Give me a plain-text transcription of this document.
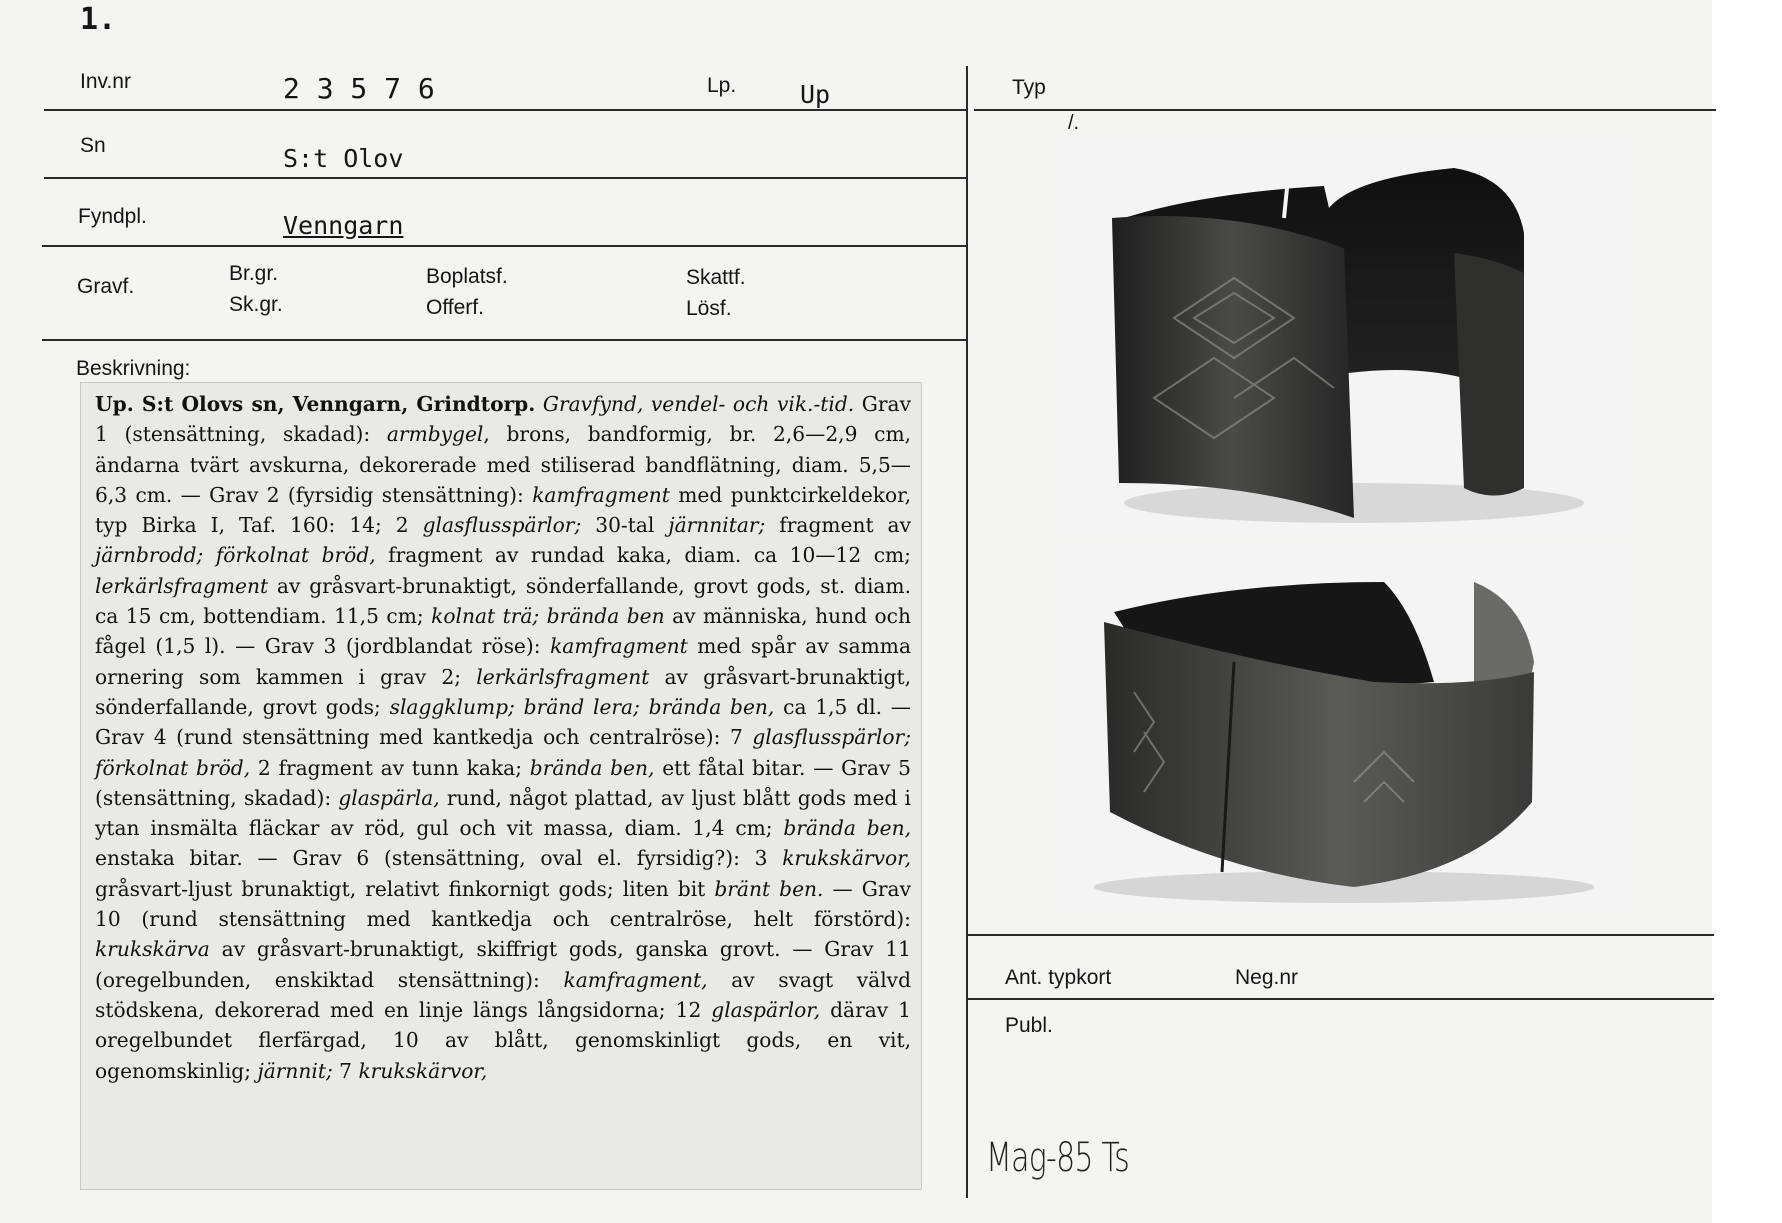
1.
Inv.nr	2 3 5 7 6	Lp.	Up	Typ
/.
Sn	S:t Olov
Fyndpl.	Venngarn
Gravf.
Br.gr.
Sk.gr.
Boplatsf.
Offerf.
Skattf.
Lösf.
Beskrivning:
Up. S:t Olovs sn, Venngarn, Grindtorp. Gravfynd, vendel- och vik.-tid. Grav 1 (stensättning, skadad): armbygel, brons, bandformig, br. 2,6—2,9 cm, ändarna tvärt avskurna, dekorerade med stiliserad bandflätning, diam. 5,5—6,3 cm. — Grav 2 (fyrsidig stensättning): kamfragment med punktcirkeldekor, typ Birka I, Taf. 160: 14; 2 glasflusspärlor; 30-tal järnnitar; fragment av järnbrodd; förkolnat bröd, fragment av rundad kaka, diam. ca 10—12 cm; lerkärlsfragment av gråsvart-brunaktigt, sönderfallande, grovt gods, st. diam. ca 15 cm, bottendiam. 11,5 cm; kolnat trä; brända ben av människa, hund och fågel (1,5 l). — Grav 3 (jordblandat röse): kamfragment med spår av samma ornering som kammen i grav 2; lerkärlsfragment av gråsvart-brunaktigt, sönderfallande, grovt gods; slaggklump; bränd lera; brända ben, ca 1,5 dl. — Grav 4 (rund stensättning med kantkedja och centralröse): 7 glasflusspärlor; förkolnat bröd, 2 fragment av tunn kaka; brända ben, ett fåtal bitar. — Grav 5 (stensättning, skadad): glaspärla, rund, något plattad, av ljust blått gods med i ytan insmälta fläckar av röd, gul och vit massa, diam. 1,4 cm; brända ben, enstaka bitar. — Grav 6 (stensättning, oval el. fyrsidig?): 3 krukskärvor, gråsvart-ljust brunaktigt, relativt finkornigt gods; liten bit bränt ben. — Grav 10 (rund stensättning med kantkedja och centralröse, helt förstörd): krukskärva av gråsvart-brunaktigt, skiffrigt gods, ganska grovt. — Grav 11 (oregelbunden, enskiktad stensättning): kamfragment, av svagt välvd stödskena, dekorerad med en linje längs långsidorna; 12 glaspärlor, därav 1 oregelbundet flerfärgad, 10 av blått, genomskinligt gods, en vit, ogenomskinlig; järnnit; 7 krukskärvor,
Ant. typkort	Neg.nr
Publ.
Mag-85 Ts
